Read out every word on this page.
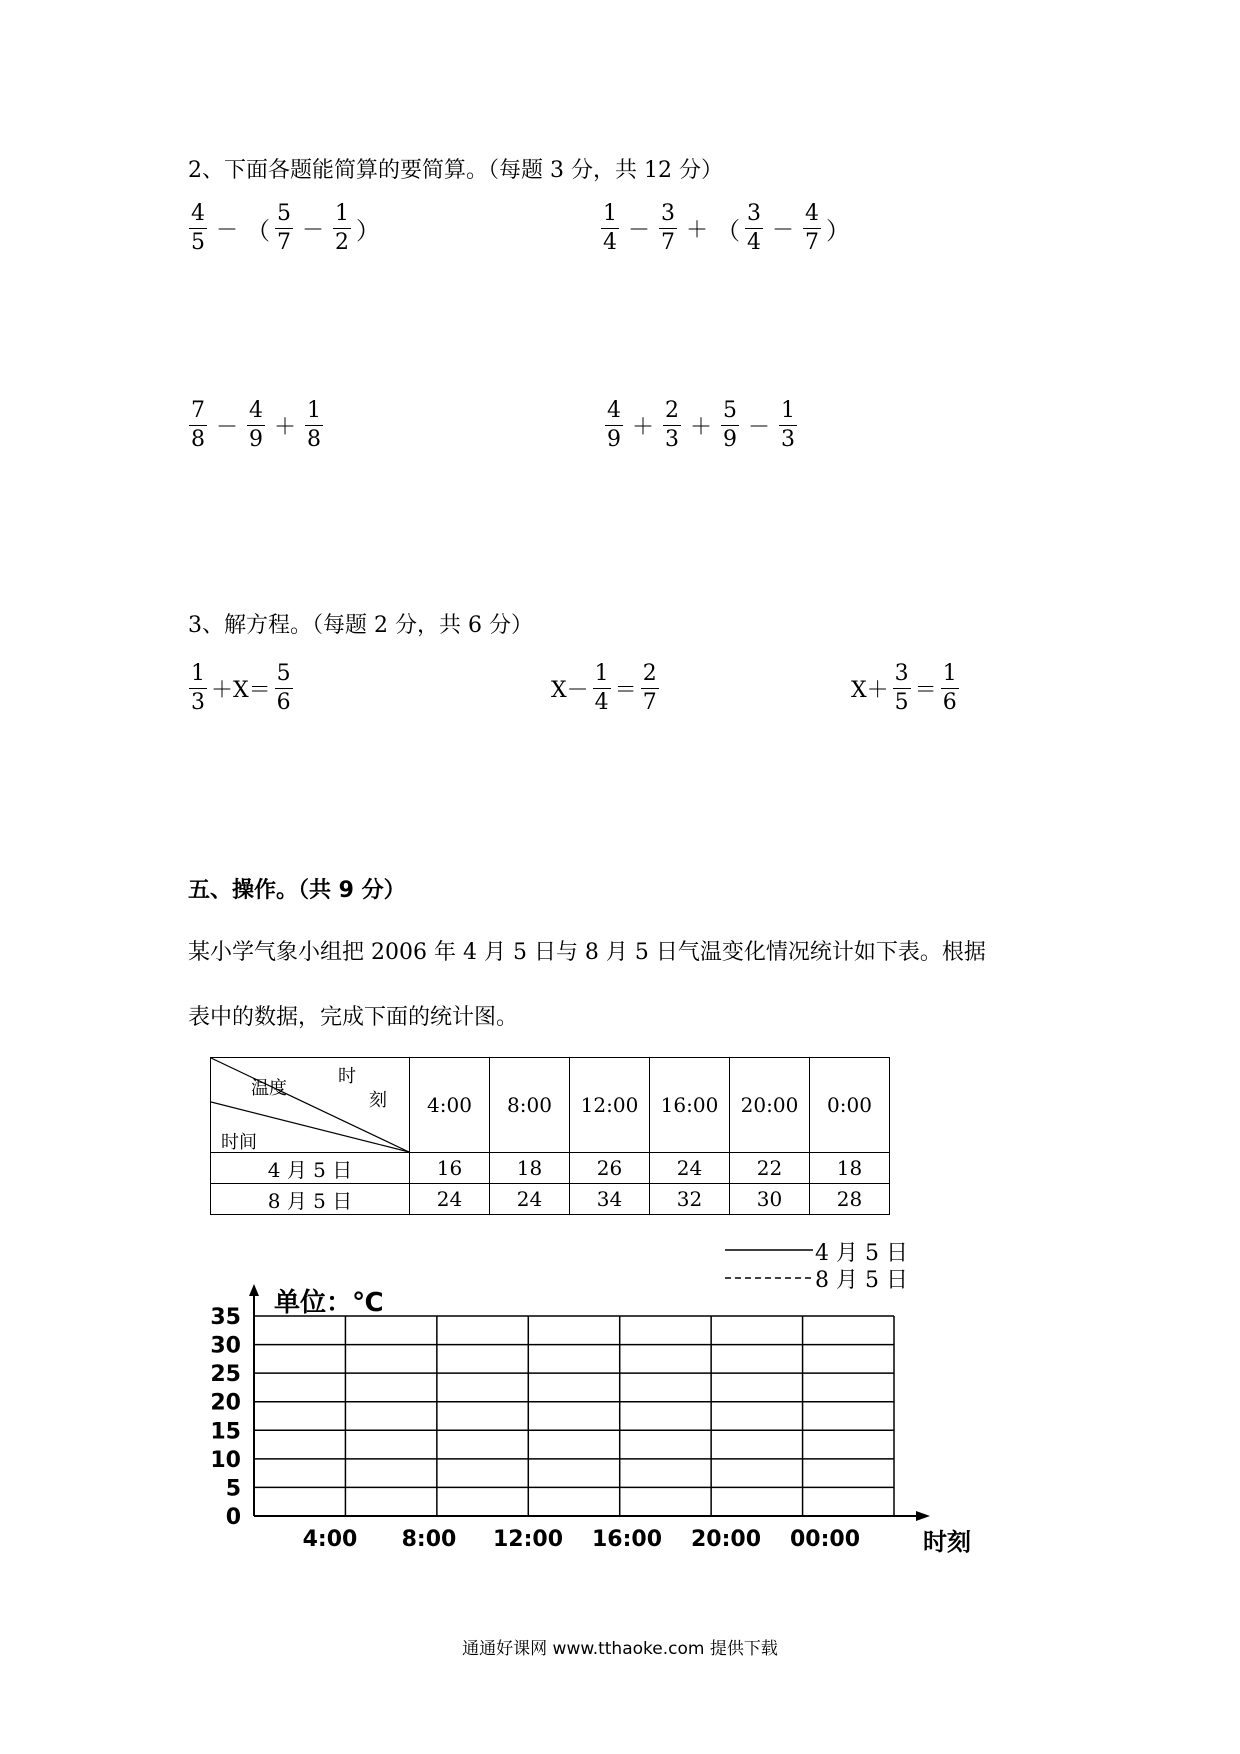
2、下面各题能简算的要简算。（每题 3 分，共 12 分）
$\frac{4}{5}$ － （ $\frac{5}{7} - \frac{1}{2}$ ）	$\frac{1}{4} - \frac{3}{7}$ ＋ （ $\frac{3}{4} - \frac{4}{7}$ ）
$\frac{7}{8} - \frac{4}{9} + \frac{1}{8}$	$\frac{4}{9} + \frac{2}{3} + \frac{5}{9} - \frac{1}{3}$
3、解方程。（每题 2 分，共 6 分）
$\frac{1}{3} +X= \frac{5}{6}$	$X- \frac{1}{4} = \frac{2}{7}$	$X+ \frac{3}{5} = \frac{1}{6}$
五、操作。（共 9 分）
某小学气象小组把 2006 年 4 月 5 日与 8 月 5 日气温变化情况统计如下表。根据
表中的数据，完成下面的统计图。
时
刻
温度
时间	4:00	8:00	12:00	16:00	20:00	0:00
4 月 5 日	16	18	26	24	22	18
8 月 5 日	24	24	34	32	30	28
4 月 5 日
8 月 5 日
单位：℃
35
30
25
20
15
10
5
0
4:00 8:00 12:00 16:00 20:00 00:00	时刻
通通好课网 www.tthaoke.com 提供下载
